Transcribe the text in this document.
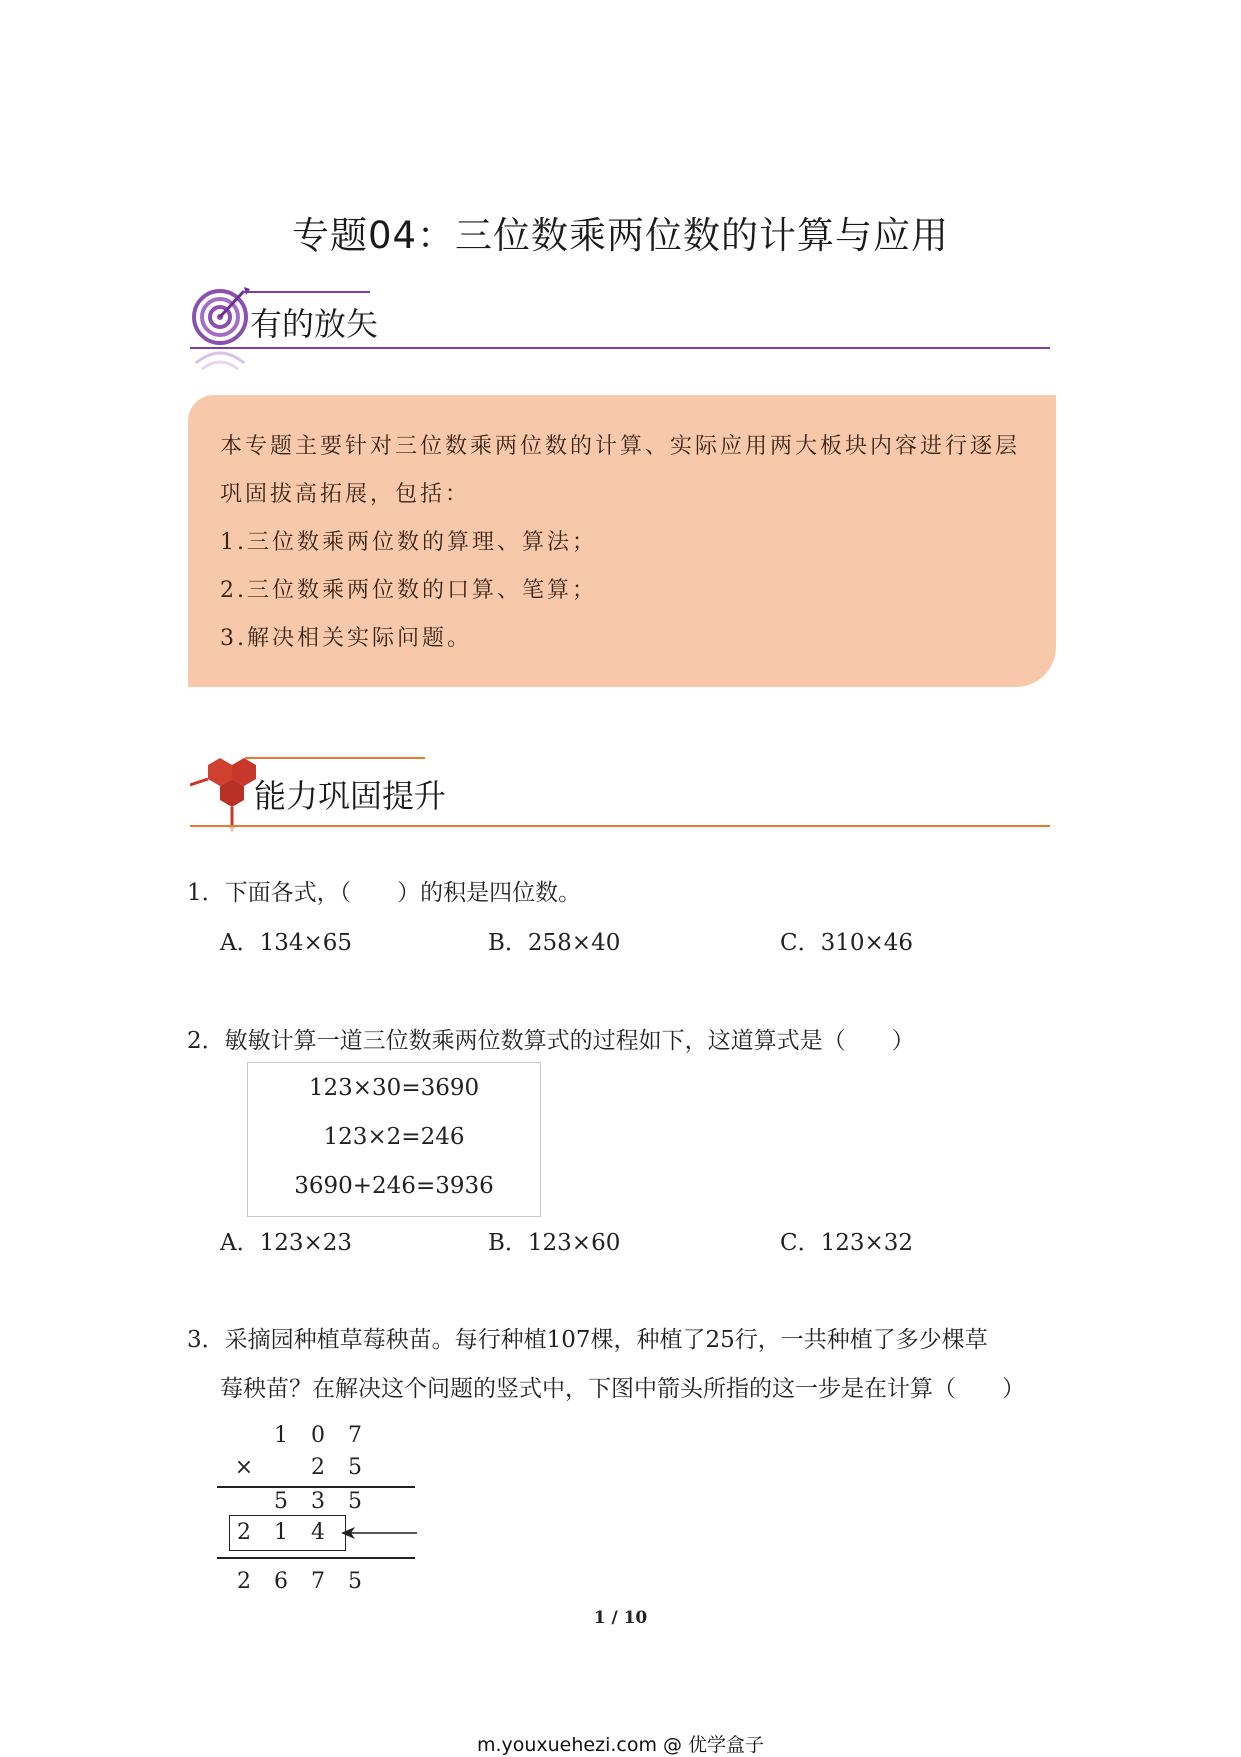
专题04：三位数乘两位数的计算与应用
有的放矢

本专题主要针对三位数乘两位数的计算、实际应用两大板块内容进行逐层

巩固拔高拓展，包括：

1.三位数乘两位数的算理、算法；

2.三位数乘两位数的口算、笔算；

3.解决相关实际问题。

能力巩固提升
1．下面各式，（　　）的积是四位数。
A．134×65	B．258×40	C．310×46
2．敏敏计算一道三位数乘两位数算式的过程如下，这道算式是（　　）
123×30=3690
123×2=246
3690+246=3936
A．123×23	B．123×60	C．123×32
3．采摘园种植草莓秧苗。每行种植107棵，种植了25行，一共种植了多少棵草
莓秧苗？在解决这个问题的竖式中，下图中箭头所指的这一步是在计算（　　）
1 0 7
×	2 5
5 3 5
2 1 4
2 6 7 5
1 / 10
m.youxuehezi.com @ 优学盒子
